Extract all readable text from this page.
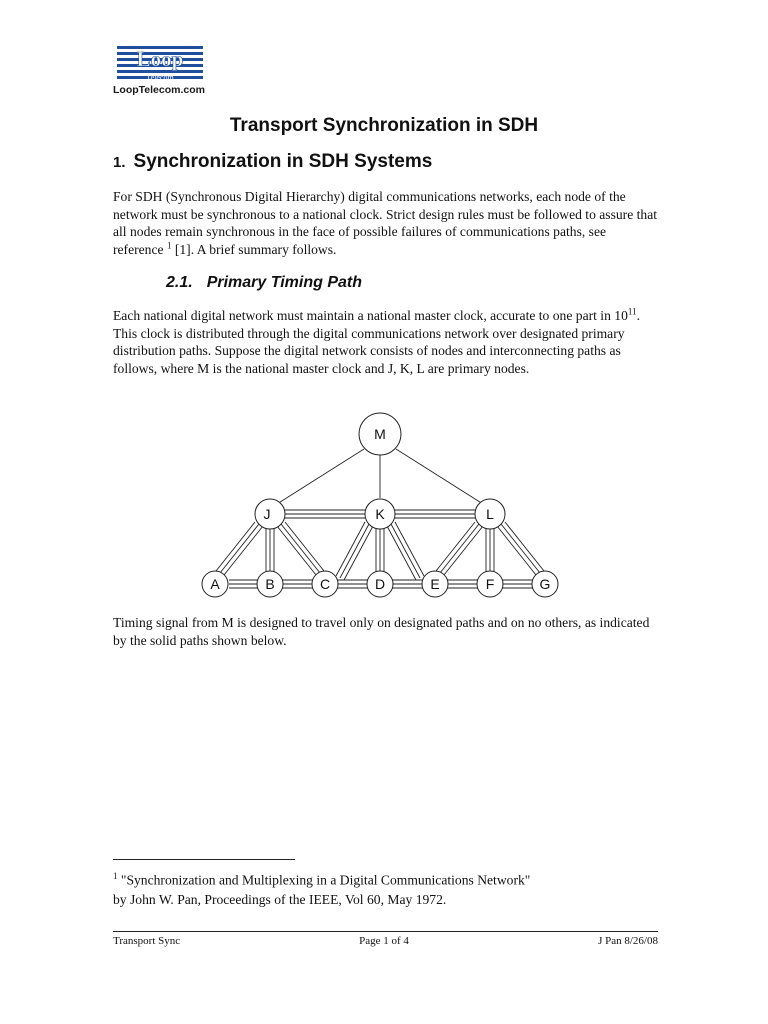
Loop
Telecom
LoopTelecom.com
Transport Synchronization in SDH
1. Synchronization in SDH Systems
For SDH (Synchronous Digital Hierarchy) digital communications networks, each node of the network must be synchronous to a national clock. Strict design rules must be followed to assure that all nodes remain synchronous in the face of possible failures of communications paths, see reference $^1$ [1]. A brief summary follows.
2.1. Primary Timing Path
Each national digital network must maintain a national master clock, accurate to one part in 10$^{11}$. This clock is distributed through the digital communications network over designated primary distribution paths. Suppose the digital network consists of nodes and interconnecting paths as follows, where M is the national master clock and J, K, L are primary nodes.
M
J	K	L
A	B	C	D	E	F	G
Timing signal from M is designed to travel only on designated paths and on no others, as indicated by the solid paths shown below.
$^1$ "Synchronization and Multiplexing in a Digital Communications Network"
by John W. Pan, Proceedings of the IEEE, Vol 60, May 1972.
Transport Sync	Page 1 of 4	J Pan 8/26/08
